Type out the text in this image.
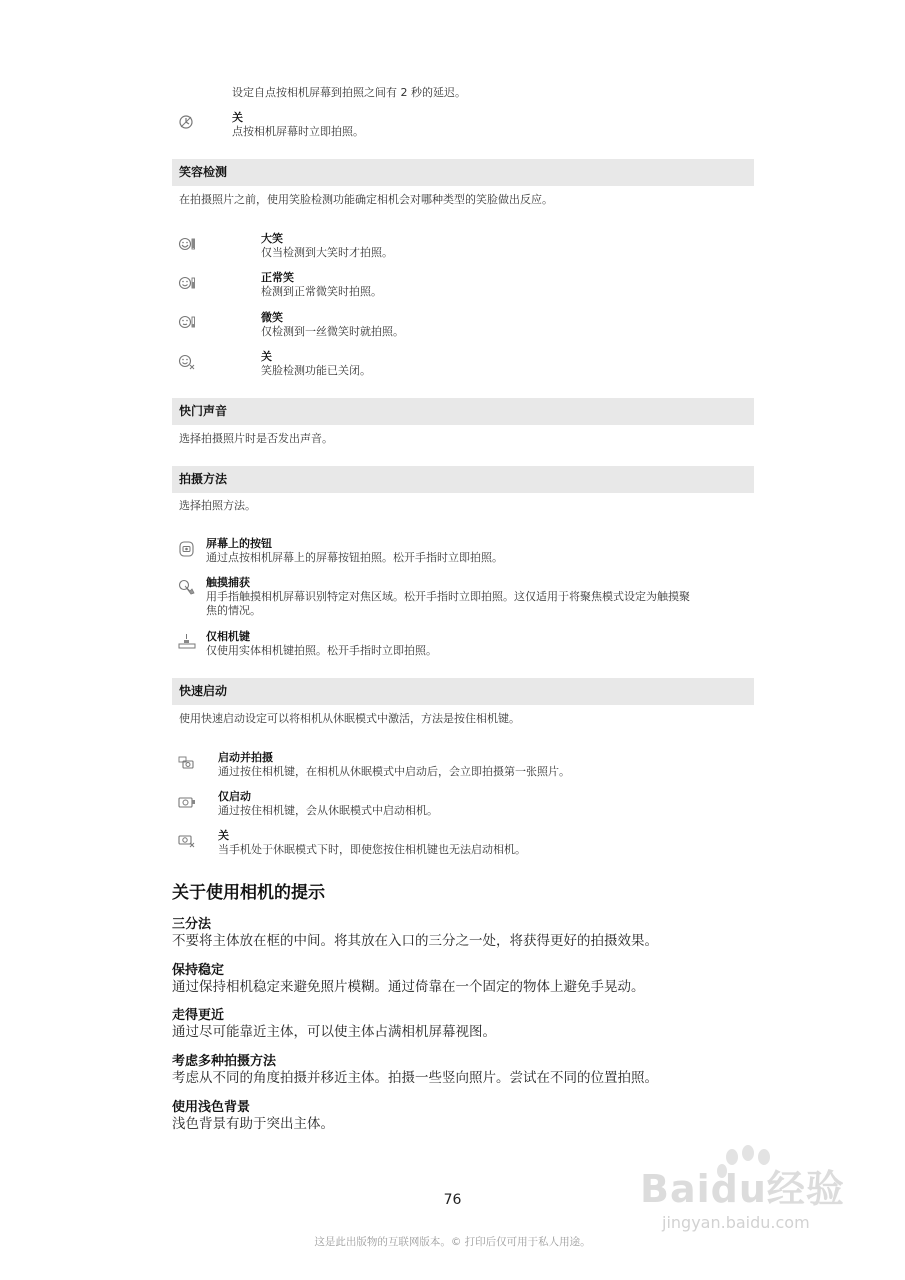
设定自点按相机屏幕到拍照之间有 2 秒的延迟。
关
点按相机屏幕时立即拍照。
笑容检测
在拍摄照片之前，使用笑脸检测功能确定相机会对哪种类型的笑脸做出反应。
大笑
仅当检测到大笑时才拍照。
正常笑
检测到正常微笑时拍照。
微笑
仅检测到一丝微笑时就拍照。
关
笑脸检测功能已关闭。
快门声音
选择拍摄照片时是否发出声音。
拍摄方法
选择拍照方法。
屏幕上的按钮
通过点按相机屏幕上的屏幕按钮拍照。松开手指时立即拍照。
触摸捕获
用手指触摸相机屏幕识别特定对焦区域。松开手指时立即拍照。这仅适用于将聚焦模式设定为触摸聚
焦的情况。
仅相机键
仅使用实体相机键拍照。松开手指时立即拍照。
快速启动
使用快速启动设定可以将相机从休眠模式中激活，方法是按住相机键。
启动并拍摄
通过按住相机键，在相机从休眠模式中启动后，会立即拍摄第一张照片。
仅启动
通过按住相机键，会从休眠模式中启动相机。
关
当手机处于休眠模式下时，即使您按住相机键也无法启动相机。
关于使用相机的提示
三分法
不要将主体放在框的中间。将其放在入口的三分之一处，将获得更好的拍摄效果。
保持稳定
通过保持相机稳定来避免照片模糊。通过倚靠在一个固定的物体上避免手晃动。
走得更近
通过尽可能靠近主体，可以使主体占满相机屏幕视图。
考虑多种拍摄方法
考虑从不同的角度拍摄并移近主体。拍摄一些竖向照片。尝试在不同的位置拍照。
使用浅色背景
浅色背景有助于突出主体。
76
这是此出版物的互联网版本。© 打印后仅可用于私人用途。
Baidu经验
jingyan.baidu.com
